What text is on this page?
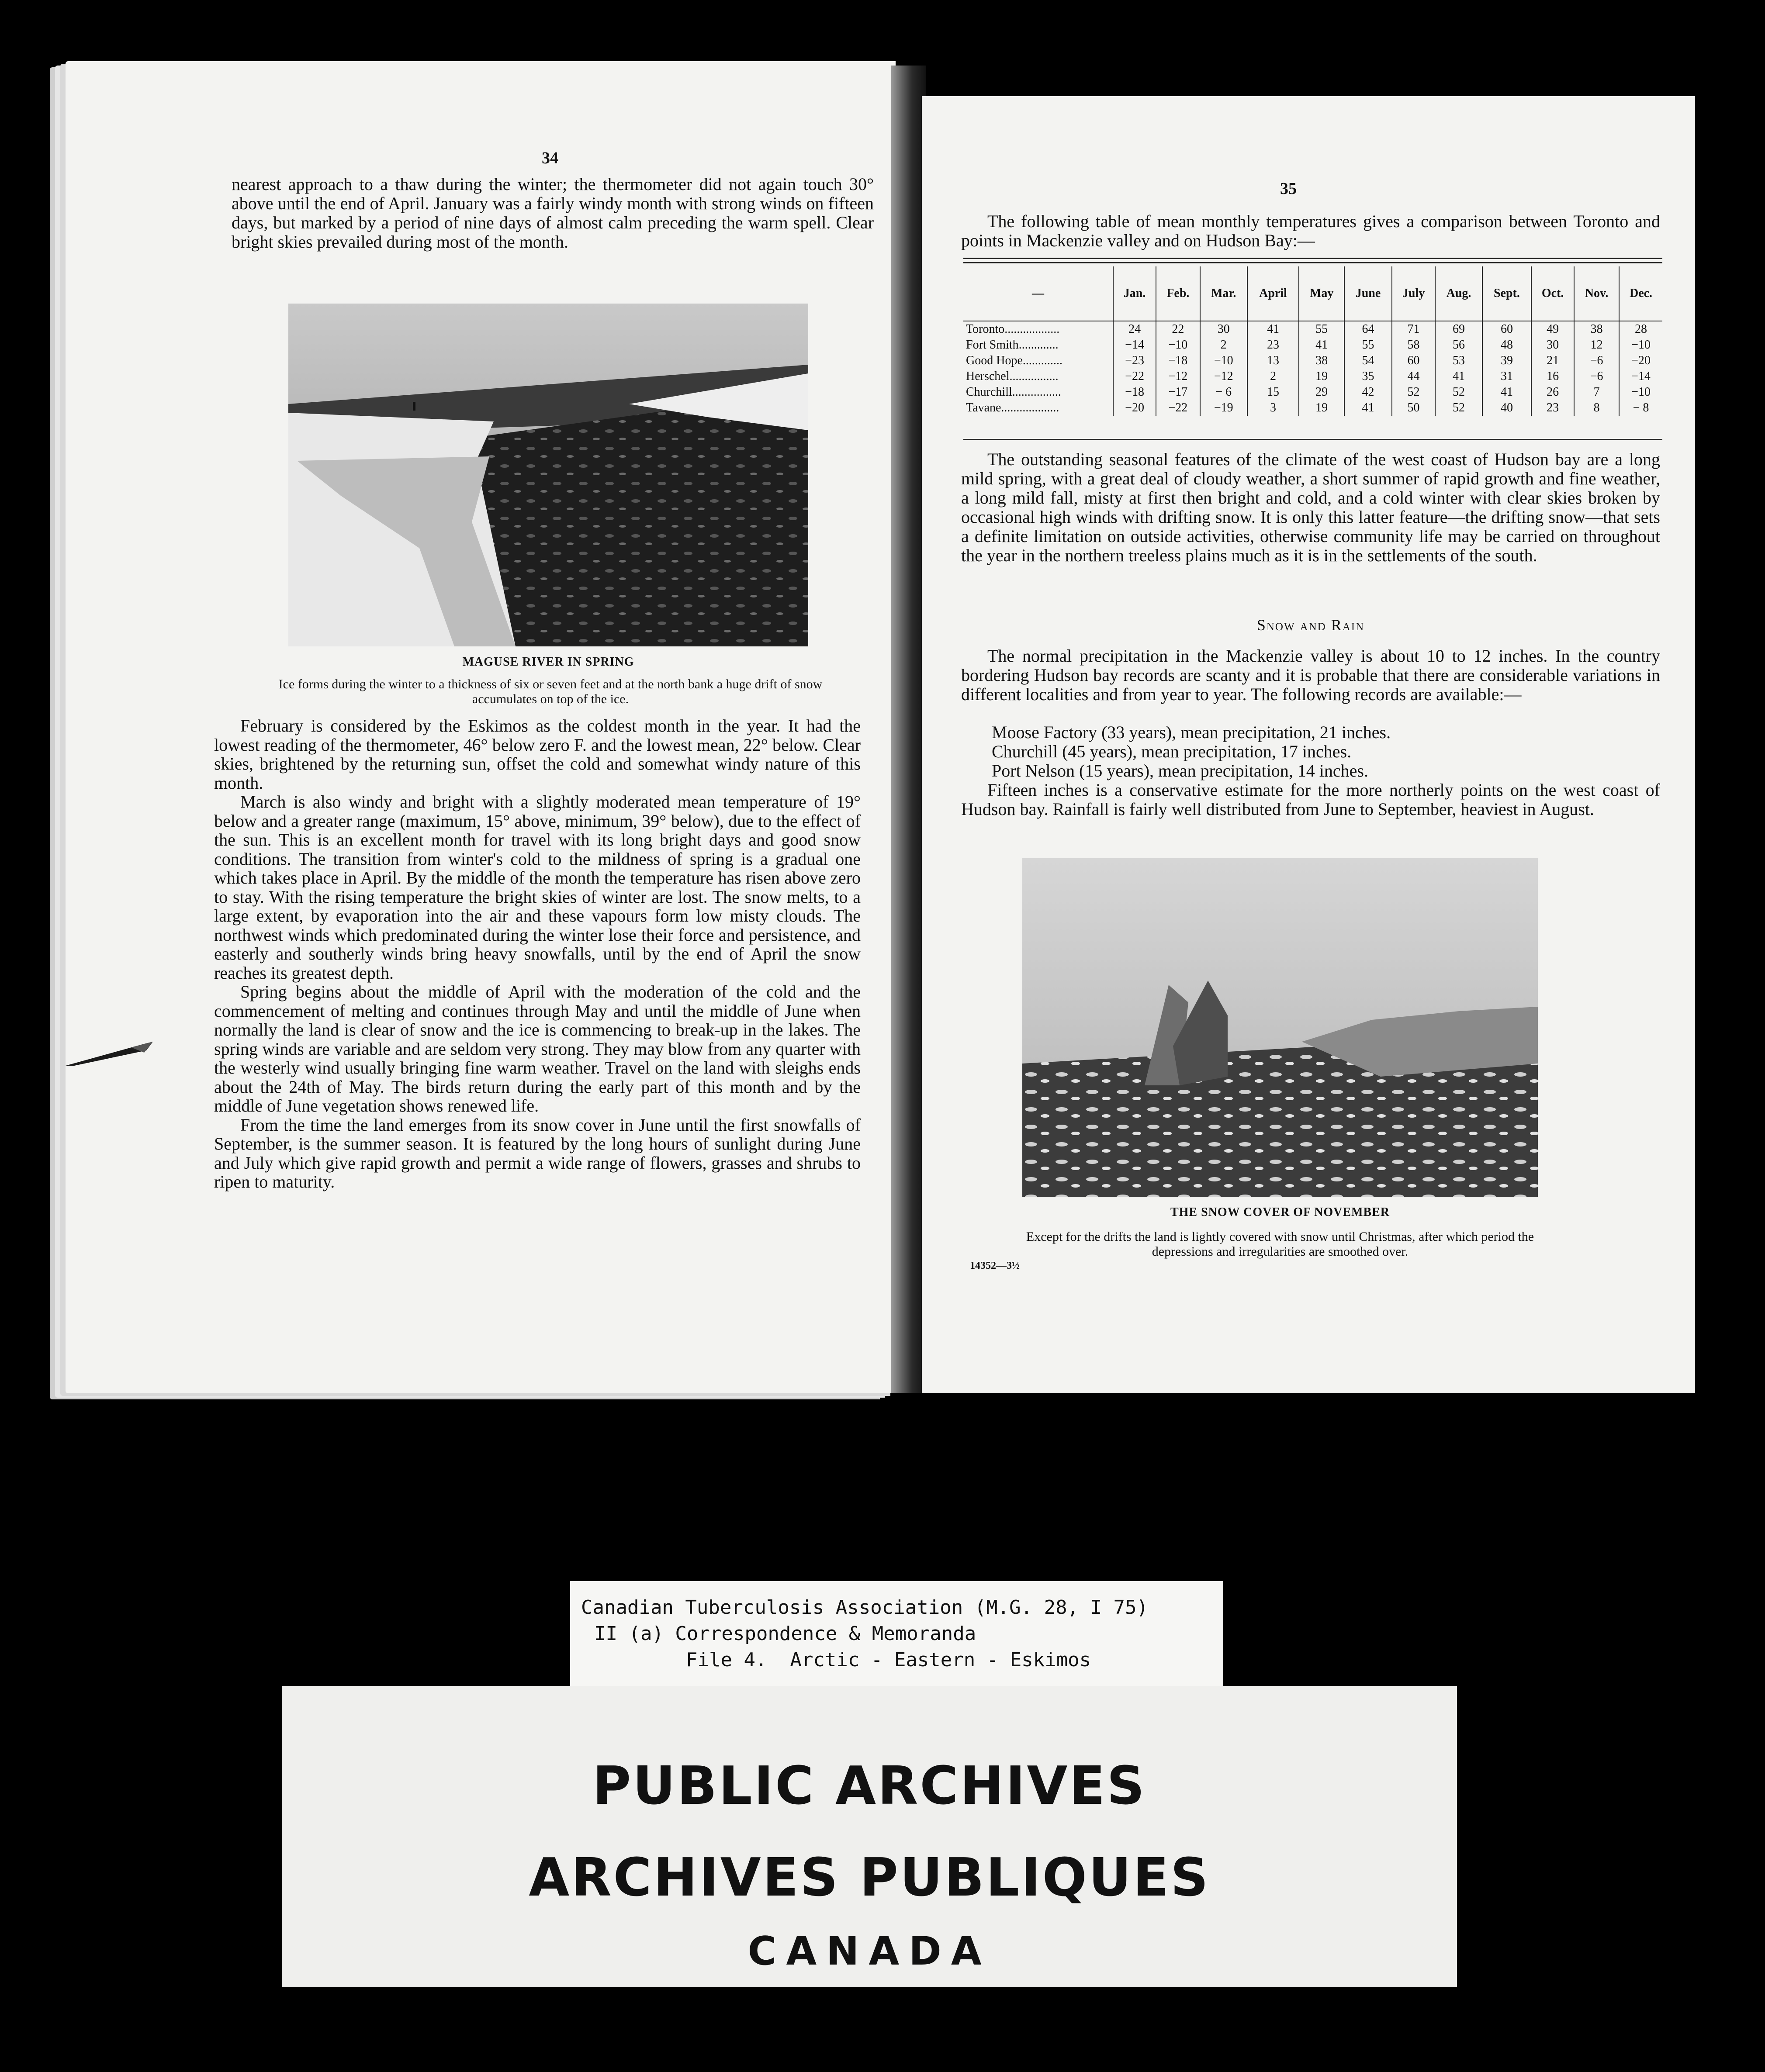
34

nearest approach to a thaw during the winter; the thermometer did not again touch 30° above until the end of April. January was a fairly windy month with strong winds on fifteen days, but marked by a period of nine days of almost calm preceding the warm spell. Clear bright skies prevailed during most of the month.

MAGUSE RIVER IN SPRING
Ice forms during the winter to a thickness of six or seven feet and at the north bank a huge drift of snow accumulates on top of the ice.

February is considered by the Eskimos as the coldest month in the year. It had the lowest reading of the thermometer, 46° below zero F. and the lowest mean, 22° below. Clear skies, brightened by the returning sun, offset the cold and somewhat windy nature of this month.

March is also windy and bright with a slightly moderated mean temperature of 19° below and a greater range (maximum, 15° above, minimum, 39° below), due to the effect of the sun. This is an excellent month for travel with its long bright days and good snow conditions. The transition from winter's cold to the mildness of spring is a gradual one which takes place in April. By the middle of the month the temperature has risen above zero to stay. With the rising temperature the bright skies of winter are lost. The snow melts, to a large extent, by evaporation into the air and these vapours form low misty clouds. The northwest winds which predominated during the winter lose their force and persistence, and easterly and southerly winds bring heavy snowfalls, until by the end of April the snow reaches its greatest depth.

Spring begins about the middle of April with the moderation of the cold and the commencement of melting and continues through May and until the middle of June when normally the land is clear of snow and the ice is commencing to break-up in the lakes. The spring winds are variable and are seldom very strong. They may blow from any quarter with the westerly wind usually bringing fine warm weather. Travel on the land with sleighs ends about the 24th of May. The birds return during the early part of this month and by the middle of June vegetation shows renewed life.

From the time the land emerges from its snow cover in June until the first snowfalls of September, is the summer season. It is featured by the long hours of sunlight during June and July which give rapid growth and permit a wide range of flowers, grasses and shrubs to ripen to maturity.

35

The following table of mean monthly temperatures gives a comparison between Toronto and points in Mackenzie valley and on Hudson Bay:—

—	Jan.	Feb.	Mar.	April	May	June	July	Aug.	Sept.	Oct.	Nov.	Dec.
Toronto..................	24	22	30	41	55	64	71	69	60	49	38	28
Fort Smith.............	−14	−10	2	23	41	55	58	56	48	30	12	−10
Good Hope.............	−23	−18	−10	13	38	54	60	53	39	21	−6	−20
Herschel................	−22	−12	−12	2	19	35	44	41	31	16	−6	−14
Churchill................	−18	−17	− 6	15	29	42	52	52	41	26	7	−10
Tavane...................	−20	−22	−19	3	19	41	50	52	40	23	8	− 8

The outstanding seasonal features of the climate of the west coast of Hudson bay are a long mild spring, with a great deal of cloudy weather, a short summer of rapid growth and fine weather, a long mild fall, misty at first then bright and cold, and a cold winter with clear skies broken by occasional high winds with drifting snow. It is only this latter feature—the drifting snow—that sets a definite limitation on outside activities, otherwise community life may be carried on throughout the year in the northern treeless plains much as it is in the settlements of the south.

Snow and Rain

The normal precipitation in the Mackenzie valley is about 10 to 12 inches. In the country bordering Hudson bay records are scanty and it is probable that there are considerable variations in different localities and from year to year. The following records are available:—

Moose Factory (33 years), mean precipitation, 21 inches.

Churchill (45 years), mean precipitation, 17 inches.

Port Nelson (15 years), mean precipitation, 14 inches.

Fifteen inches is a conservative estimate for the more northerly points on the west coast of Hudson bay. Rainfall is fairly well distributed from June to September, heaviest in August.

THE SNOW COVER OF NOVEMBER
Except for the drifts the land is lightly covered with snow until Christmas, after which period the depressions and irregularities are smoothed over.
14352—3½
Canadian Tuberculosis Association (M.G. 28, I 75)
II (a) Correspondence & Memoranda
File 4.  Arctic - Eastern - Eskimos
PUBLIC ARCHIVES
ARCHIVES PUBLIQUES
CANADA
